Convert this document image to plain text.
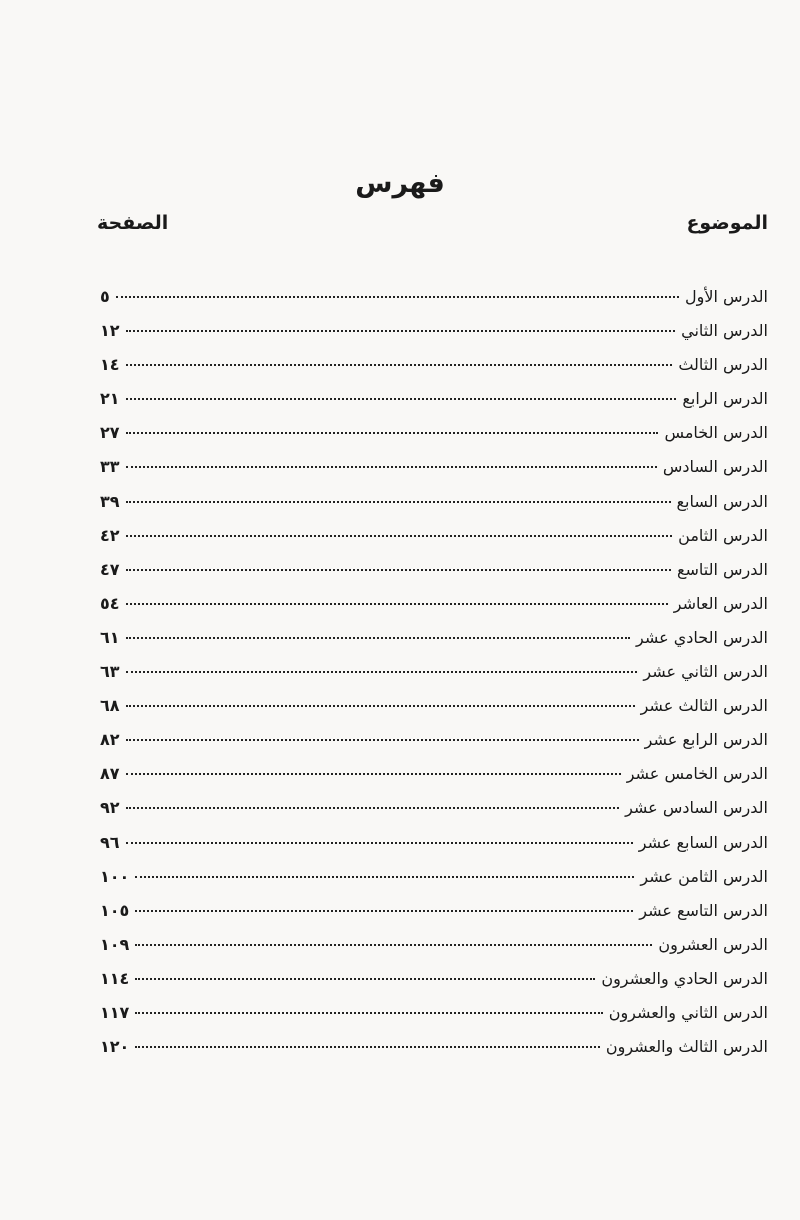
فهرس
الموضوع
الصفحة
الدرس الأول
٥
الدرس الثاني
١٢
الدرس الثالث
١٤
الدرس الرابع
٢١
الدرس الخامس
٢٧
الدرس السادس
٣٣
الدرس السابع
٣٩
الدرس الثامن
٤٢
الدرس التاسع
٤٧
الدرس العاشر
٥٤
الدرس الحادي عشر
٦١
الدرس الثاني عشر
٦٣
الدرس الثالث عشر
٦٨
الدرس الرابع عشر
٨٢
الدرس الخامس عشر
٨٧
الدرس السادس عشر
٩٢
الدرس السابع عشر
٩٦
الدرس الثامن عشر
١٠٠
الدرس التاسع عشر
١٠٥
الدرس العشرون
١٠٩
الدرس الحادي والعشرون
١١٤
الدرس الثاني والعشرون
١١٧
الدرس الثالث والعشرون
١٢٠
